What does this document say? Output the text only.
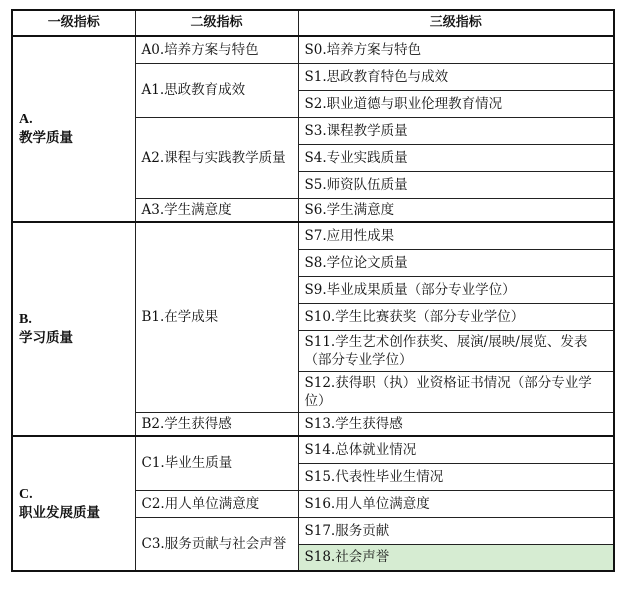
一级指标	二级指标	三级指标

A.
教学质量	A0.培养方案与特色	S0.培养方案与特色
	A1.思政教育成效	S1.思政教育特色与成效
		S2.职业道德与职业伦理教育情况
	A2.课程与实践教学质量	S3.课程教学质量
		S4.专业实践质量
		S5.师资队伍质量
	A3.学生满意度	S6.学生满意度

B.
学习质量	B1.在学成果	S7.应用性成果
		S8.学位论文质量
		S9.毕业成果质量（部分专业学位）
		S10.学生比赛获奖（部分专业学位）
		S11.学生艺术创作获奖、展演/展映/展览、发表（部分专业学位）
		S12.获得职（执）业资格证书情况（部分专业学位）
	B2.学生获得感	S13.学生获得感

C.
职业发展质量	C1.毕业生质量	S14.总体就业情况
		S15.代表性毕业生情况
	C2.用人单位满意度	S16.用人单位满意度
	C3.服务贡献与社会声誉	S17.服务贡献
		S18.社会声誉
